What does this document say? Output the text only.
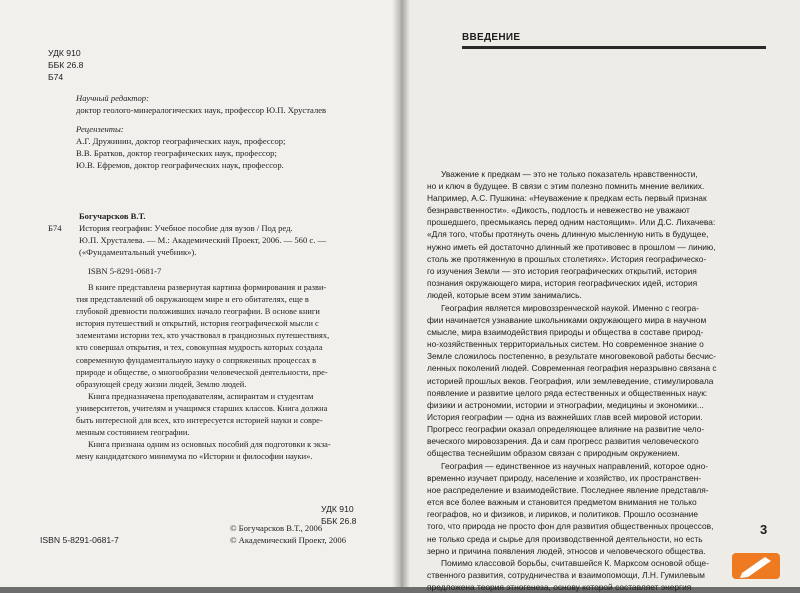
УДК 910
ББК 26.8
Б74
Научный редактор:
доктор геолого-минералогических наук, профессор Ю.П. Хрусталев
Рецензенты:
А.Г. Дружинин, доктор географических наук, профессор;
В.В. Братков, доктор географических наук, профессор;
Ю.В. Ефремов, доктор географических наук, профессор.
Богучарсков В.Т.
Б74 История географии: Учебное пособие для вузов / Под ред.
Ю.П. Хрусталева. — М.: Академический Проект, 2006. — 560 с. —
(«Фундаментальный учебник»).
ISBN 5-8291-0681-7
В книге представлена развернутая картина формирования и разви-
тия представлений об окружающем мире и его обитателях, еще в
глубокой древности положивших начало географии. В основе книги
история путешествий и открытий, история географической мысли с
элементами истории тех, кто участвовал в грандиозных путешествиях,
кто совершал открытия, и тех, совокупная мудрость которых создала
современную фундаментальную науку о сопряженных процессах в
природе и обществе, о многообразии человеческой деятельности, пре-
образующей среду жизни людей, Землю людей.
Книга предназначена преподавателям, аспирантам и студентам
университетов, учителям и учащимся старших классов. Книга должна
быть интересной для всех, кто интересуется историей науки и совре-
менным состоянием географии.
Книга признана одним из основных пособий для подготовки к экза-
мену кандидатского минимума по «Истории и философии науки».
УДК 910
ББК 26.8
ISBN 5-8291-0681-7
© Богучарсков В.Т., 2006
© Академический Проект, 2006
ВВЕДЕНИЕ
Уважение к предкам — это не только показатель нравственности,
но и ключ в будущее. В связи с этим полезно помнить мнение великих.
Например, А.С. Пушкина: «Неуважение к предкам есть первый признак
безнравственности». «Дикость, подлость и невежество не уважают
прошедшего, пресмыкаясь перед одним настоящим». Или Д.С. Лихачева:
«Для того, чтобы протянуть очень длинную мысленную нить в будущее,
нужно иметь ей достаточно длинный же противовес в прошлом — линию,
столь же протяженную в прошлых столетиях». История географическо-
го изучения Земли — это история географических открытий, история
познания окружающего мира, история географических идей, история
людей, которые всем этим занимались.
География является мировоззренческой наукой. Именно с геогра-
фии начинается узнавание школьниками окружающего мира в научном
смысле, мира взаимодействия природы и общества в составе природ-
но-хозяйственных территориальных систем. Но современное знание о
Земле сложилось постепенно, в результате многовековой работы бесчис-
ленных поколений людей. Современная география неразрывно связана с
историей прошлых веков. География, или землеведение, стимулировала
появление и развитие целого ряда естественных и общественных наук:
физики и астрономии, истории и этнографии, медицины и экономики...
История географии — одна из важнейших глав всей мировой истории.
Прогресс географии оказал определяющее влияние на развитие чело-
веческого мировоззрения. Да и сам прогресс развития человеческого
общества теснейшим образом связан с природным окружением.
География — единственное из научных направлений, которое одно-
временно изучает природу, население и хозяйство, их пространствен-
ное распределение и взаимодействие. Последнее явление представля-
ется все более важным и становится предметом внимания не только
географов, но и физиков, и лириков, и политиков. Прошло осознание
того, что природа не просто фон для развития общественных процессов,
не только среда и сырье для производственной деятельности, но есть
зерно и причина появления людей, этносов и человеческого общества.
Помимо классовой борьбы, считавшейся К. Марксом основой обще-
ственного развития, сотрудничества и взаимопомощи, Л.Н. Гумилевым
предложена теория этногенеза, основу которой составляет энергия
3
